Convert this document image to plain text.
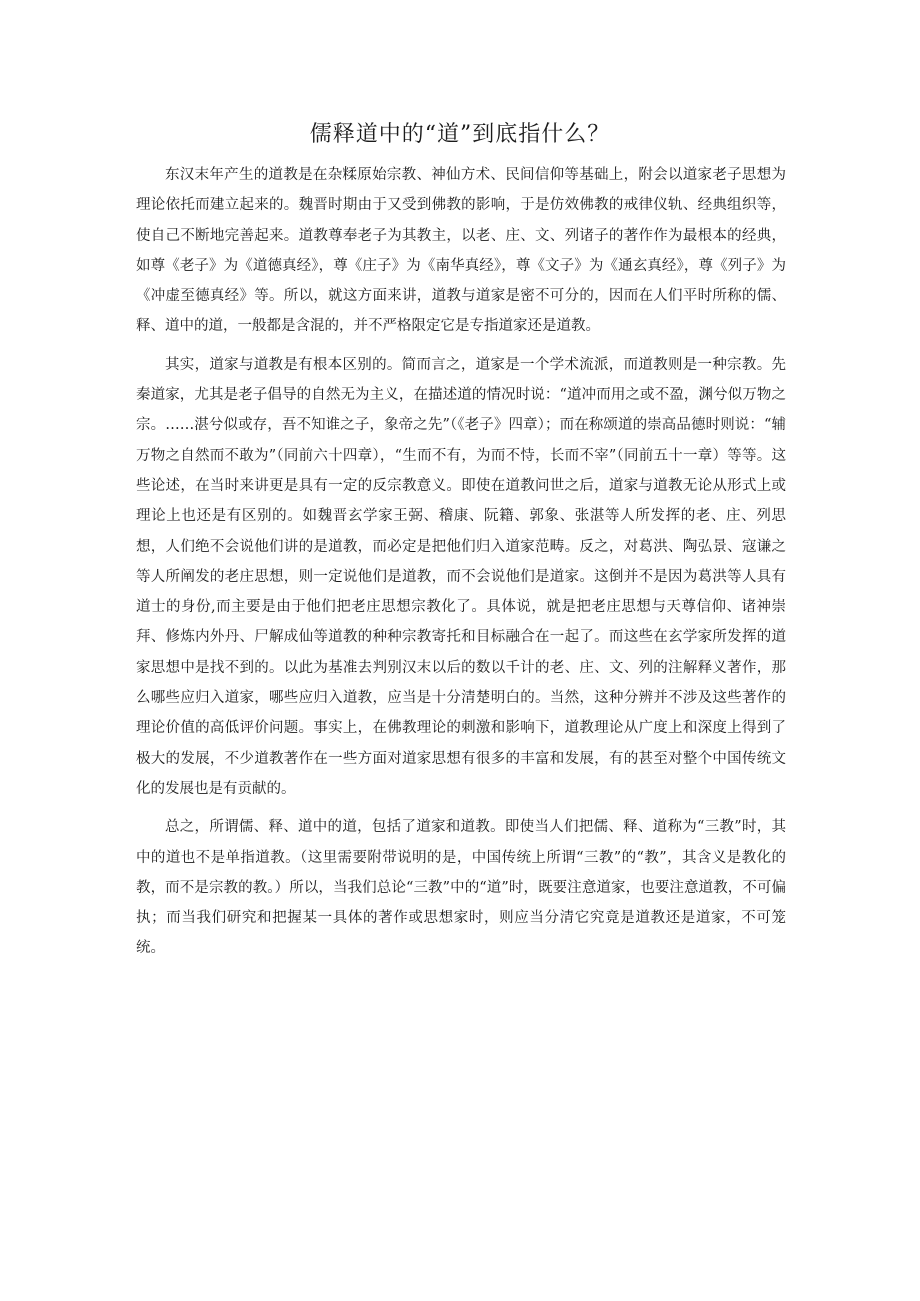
儒释道中的“道”到底指什么？

东汉末年产生的道教是在杂糅原始宗教、神仙方术、民间信仰等基础上，附会以道家老子思想为理论依托而建立起来的。魏晋时期由于又受到佛教的影响，于是仿效佛教的戒律仪轨、经典组织等，使自己不断地完善起来。道教尊奉老子为其教主，以老、庄、文、列诸子的著作作为最根本的经典，如尊《老子》为《道德真经》，尊《庄子》为《南华真经》，尊《文子》为《通玄真经》，尊《列子》为《冲虚至德真经》等。所以，就这方面来讲，道教与道家是密不可分的，因而在人们平时所称的儒、释、道中的道，一般都是含混的，并不严格限定它是专指道家还是道教。

其实，道家与道教是有根本区别的。简而言之，道家是一个学术流派，而道教则是一种宗教。先秦道家，尤其是老子倡导的自然无为主义，在描述道的情况时说：“道冲而用之或不盈，渊兮似万物之宗。……湛兮似或存，吾不知谁之子，象帝之先”（《老子》四章）；而在称颂道的崇高品德时则说：“辅万物之自然而不敢为”（同前六十四章），“生而不有，为而不恃，长而不宰”（同前五十一章）等等。这些论述，在当时来讲更是具有一定的反宗教意义。即使在道教问世之后，道家与道教无论从形式上或理论上也还是有区别的。如魏晋玄学家王弼、稽康、阮籍、郭象、张湛等人所发挥的老、庄、列思想，人们绝不会说他们讲的是道教，而必定是把他们归入道家范畴。反之，对葛洪、陶弘景、寇谦之等人所阐发的老庄思想，则一定说他们是道教，而不会说他们是道家。这倒并不是因为葛洪等人具有道士的身份,而主要是由于他们把老庄思想宗教化了。具体说，就是把老庄思想与天尊信仰、诸神崇拜、修炼内外丹、尸解成仙等道教的种种宗教寄托和目标融合在一起了。而这些在玄学家所发挥的道家思想中是找不到的。以此为基准去判别汉末以后的数以千计的老、庄、文、列的注解释义著作，那么哪些应归入道家，哪些应归入道教，应当是十分清楚明白的。当然，这种分辨并不涉及这些著作的理论价值的高低评价问题。事实上，在佛教理论的刺激和影响下，道教理论从广度上和深度上得到了极大的发展，不少道教著作在一些方面对道家思想有很多的丰富和发展，有的甚至对整个中国传统文化的发展也是有贡献的。

总之，所谓儒、释、道中的道，包括了道家和道教。即使当人们把儒、释、道称为“三教”时，其中的道也不是单指道教。（这里需要附带说明的是，中国传统上所谓“三教”的“教”，其含义是教化的教，而不是宗教的教。）所以，当我们总论“三教”中的“道”时，既要注意道家，也要注意道教，不可偏执；而当我们研究和把握某一具体的著作或思想家时，则应当分清它究竟是道教还是道家，不可笼统。
